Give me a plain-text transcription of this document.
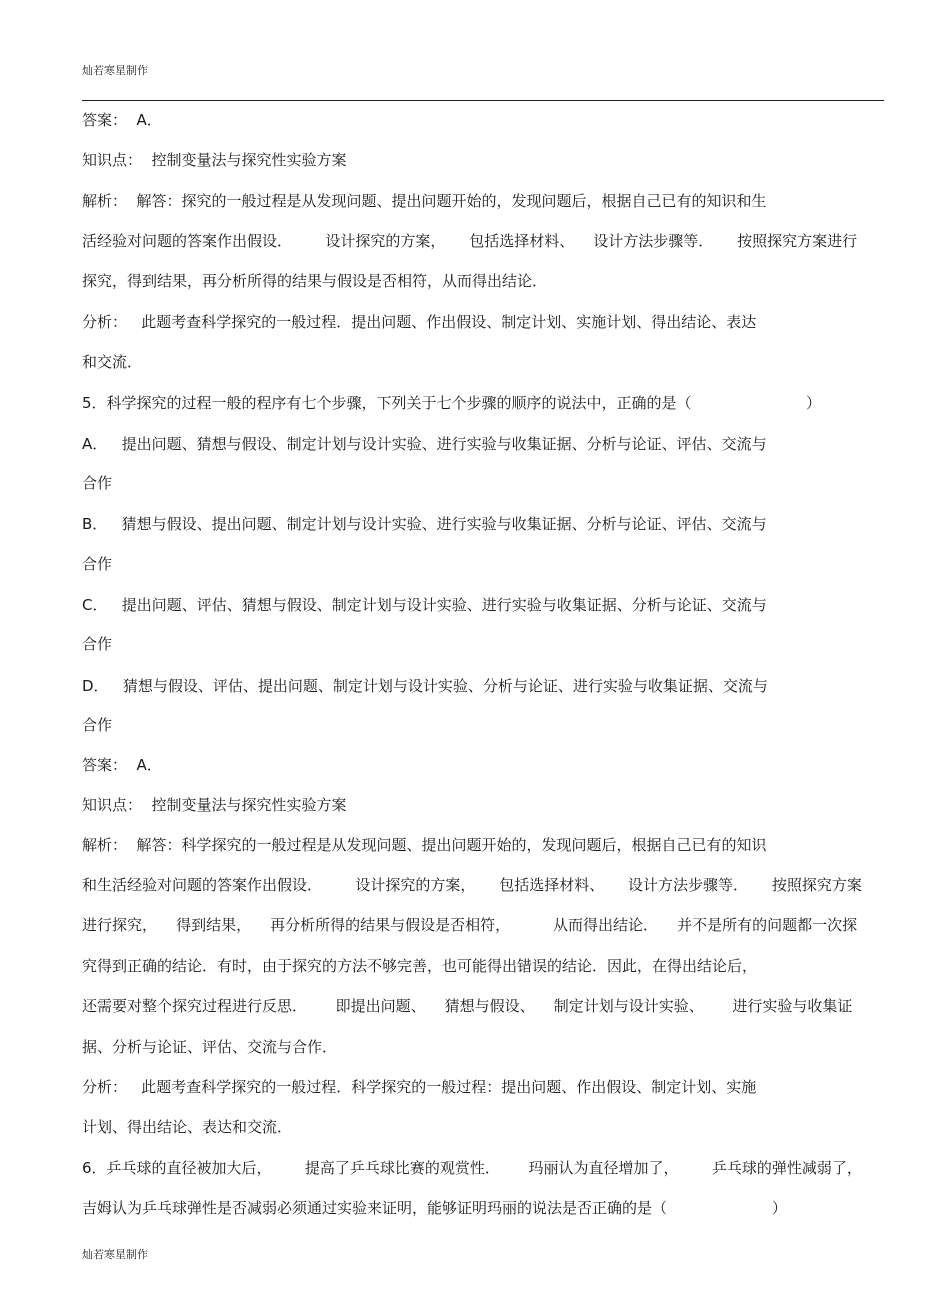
灿若寒星制作
答案：  A．
知识点：  控制变量法与探究性实验方案
解析：  解答：探究的一般过程是从发现问题、提出问题开始的，发现问题后，根据自己已有的知识和生
活经验对问题的答案作出假设．       设计探究的方案，     包括选择材料、    设计方法步骤等．     按照探究方案进行
探究，得到结果，再分析所得的结果与假设是否相符，从而得出结论．
分析：   此题考查科学探究的一般过程．提出问题、作出假设、制定计划、实施计划、得出结论、表达
和交流．
5．科学探究的过程一般的程序有七个步骤，下列关于七个步骤的顺序的说法中，正确的是（                        ）
A．   提出问题、猜想与假设、制定计划与设计实验、进行实验与收集证据、分析与论证、评估、交流与
合作
B．   猜想与假设、提出问题、制定计划与设计实验、进行实验与收集证据、分析与论证、评估、交流与
合作
C．   提出问题、评估、猜想与假设、制定计划与设计实验、进行实验与收集证据、分析与论证、交流与
合作
D．   猜想与假设、评估、提出问题、制定计划与设计实验、分析与论证、进行实验与收集证据、交流与
合作
答案：  A．
知识点：  控制变量法与探究性实验方案
解析：  解答：科学探究的一般过程是从发现问题、提出问题开始的，发现问题后，根据自己已有的知识
和生活经验对问题的答案作出假设．       设计探究的方案，     包括选择材料、     设计方法步骤等．     按照探究方案
进行探究，    得到结果，    再分析所得的结果与假设是否相符，         从而得出结论．    并不是所有的问题都一次探
究得到正确的结论．有时，由于探究的方法不够完善，也可能得出错误的结论．因此，在得出结论后，
还需要对整个探究过程进行反思．      即提出问题、    猜想与假设、    制定计划与设计实验、      进行实验与收集证
据、分析与论证、评估、交流与合作．
分析：   此题考查科学探究的一般过程．科学探究的一般过程：提出问题、作出假设、制定计划、实施
计划、得出结论、表达和交流．
6．乒乓球的直径被加大后，       提高了乒乓球比赛的观赏性．      玛丽认为直径增加了，       乒乓球的弹性减弱了，
吉姆认为乒乓球弹性是否减弱必须通过实验来证明，能够证明玛丽的说法是否正确的是（                      ）
灿若寒星制作
